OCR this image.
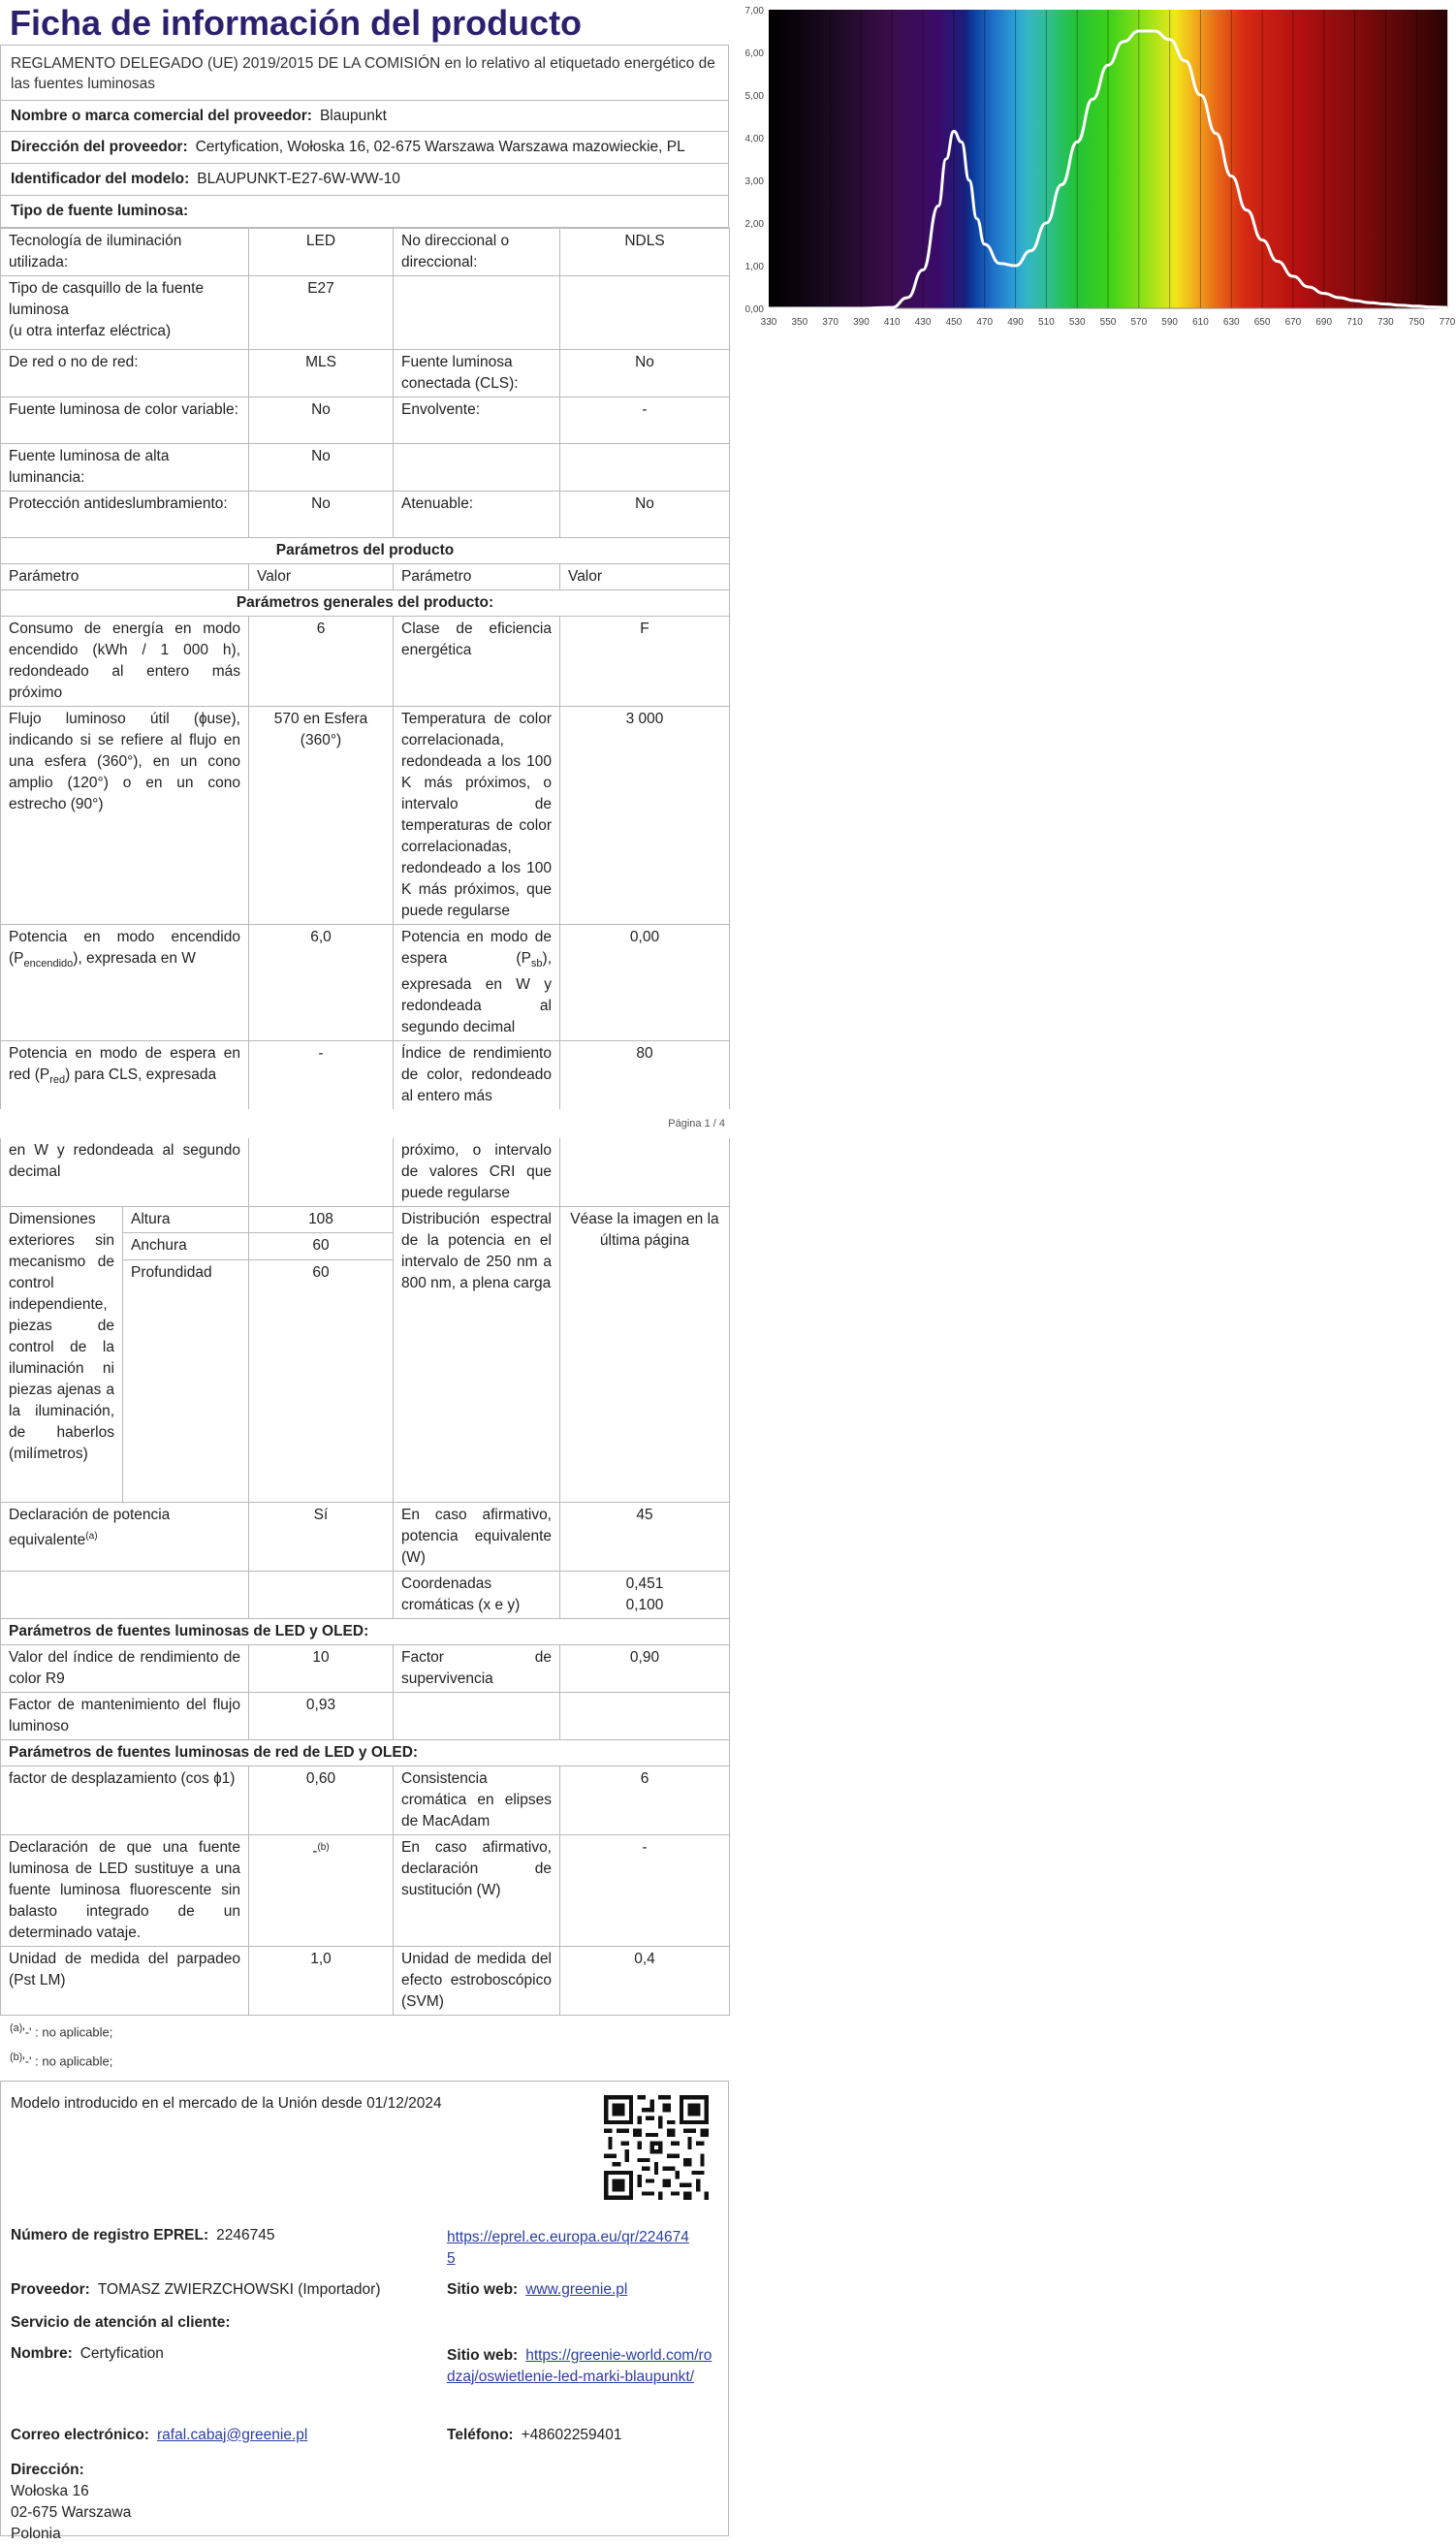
Ficha de información del producto
REGLAMENTO DELEGADO (UE) 2019/2015 DE LA COMISIÓN en lo relativo al etiquetado energético de las fuentes luminosas
Nombre o marca comercial del proveedor: Blaupunkt
Dirección del proveedor: Certyfication, Wołoska 16, 02-675 Warszawa Warszawa mazowieckie, PL
Identificador del modelo: BLAUPUNKT-E27-6W-WW-10
Tipo de fuente luminosa:
Tecnología de iluminación utilizada:	LED	No direccional o direccional:	NDLS

Tipo de casquillo de la fuente luminosa
(u otra interfaz eléctrica)	E27		
De red o no de red:	MLS	Fuente luminosa conectada (CLS):	No
Fuente luminosa de color variable:	No	Envolvente:	-
Fuente luminosa de alta luminancia:	No		
Protección antideslumbramiento:	No	Atenuable:	No
Parámetros del producto			
Parámetro	Valor	Parámetro	Valor
Parámetros generales del producto:			
Consumo de energía en modo encendido (kWh / 1 000 h), redondeado al entero más próximo	6	Clase de eficiencia energética	F
Flujo luminoso útil (ɸuse), indicando si se refiere al flujo en una esfera (360°), en un cono amplio (120°) o en un cono estrecho (90°)	570 en Esfera (360°)	Temperatura de color correlacionada, redondeada a los 100 K más próximos, o intervalo de temperaturas de color correlacionadas, redondeado a los 100 K más próximos, que puede regularse	3 000
Potencia en modo encendido $(P_{encendido})$, expresada en W	6,0	Potencia en modo de espera $(P_{sb})$, expresada en W y redondeada al segundo decimal	0,00
Potencia en modo de espera en red $(P_{red})$ para CLS, expresada	-	Índice de rendimiento de color, redondeado al entero más	80
Página 1 / 4
en W y redondeada al segundo decimal			próximo, o intervalo de valores CRI que puede regularse	
Dimensiones exteriores sin mecanismo de control independiente, piezas de control de la iluminación ni piezas ajenas a la iluminación, de haberlos (milímetros)	Altura	108	Distribución espectral de la potencia en el intervalo de 250 nm a 800 nm, a plena carga	Véase la imagen en la última página
	Anchura	60		
	Profundidad	60		
Declaración de potencia equivalente$^{(a)}$		Sí	En caso afirmativo, potencia equivalente (W)	45
			Coordenadas cromáticas (x e y)	0,451
0,100

Parámetros de fuentes luminosas de LED y OLED:				
Valor del índice de rendimiento de color R9		10	Factor de supervivencia	0,90
Factor de mantenimiento del flujo luminoso		0,93		
Parámetros de fuentes luminosas de red de LED y OLED:				
factor de desplazamiento (cos ɸ1)		0,60	Consistencia cromática en elipses de MacAdam	6
Declaración de que una fuente luminosa de LED sustituye a una fuente luminosa fluorescente sin balasto integrado de un determinado vataje.		-$^{(b)}$	En caso afirmativo, declaración de sustitución (W)	-
Unidad de medida del parpadeo (Pst LM)		1,0	Unidad de medida del efecto estroboscópico (SVM)	0,4
$^{(a)}$'-' : no aplicable;
$^{(b)}$'-' : no aplicable;
Modelo introducido en el mercado de la Unión desde 01/12/2024
Número de registro EPREL: 2246745	https://eprel.ec.europa.eu/qr/2246745
Proveedor: TOMASZ ZWIERZCHOWSKI (Importador)	Sitio web: www.greenie.pl
Servicio de atención al cliente:
Nombre: Certyfication	Sitio web: https://greenie-world.com/rodzaj/oswietlenie-led-marki-blaupunkt/
Correo electrónico: rafal.cabaj@greenie.pl	Teléfono: +48602259401
Dirección:
Wołoska 16
02-675 Warszawa
Polonia
0,00
1,00
2,00
3,00
4,00
5,00
6,00
7,00
330 350 370 390 410 430 450 470 490 510 530 550 570 590 610 630 650 670 690 710 730 750 770
